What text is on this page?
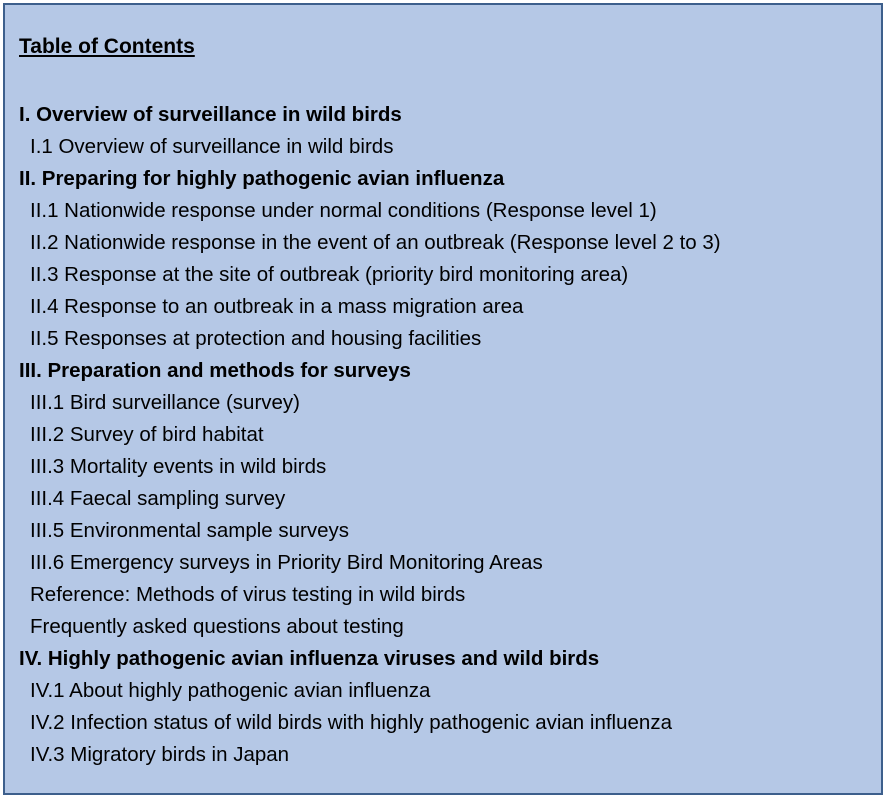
Table of Contents
I. Overview of surveillance in wild birds
I.1 Overview of surveillance in wild birds
II. Preparing for highly pathogenic avian influenza
II.1 Nationwide response under normal conditions (Response level 1)
II.2 Nationwide response in the event of an outbreak (Response level 2 to 3)
II.3 Response at the site of outbreak (priority bird monitoring area)
II.4 Response to an outbreak in a mass migration area
II.5 Responses at protection and housing facilities
III. Preparation and methods for surveys
III.1 Bird surveillance (survey)
III.2 Survey of bird habitat
III.3 Mortality events in wild birds
III.4 Faecal sampling survey
III.5 Environmental sample surveys
III.6 Emergency surveys in Priority Bird Monitoring Areas
Reference: Methods of virus testing in wild birds
Frequently asked questions about testing
IV. Highly pathogenic avian influenza viruses and wild birds
IV.1 About highly pathogenic avian influenza
IV.2 Infection status of wild birds with highly pathogenic avian influenza
IV.3 Migratory birds in Japan
